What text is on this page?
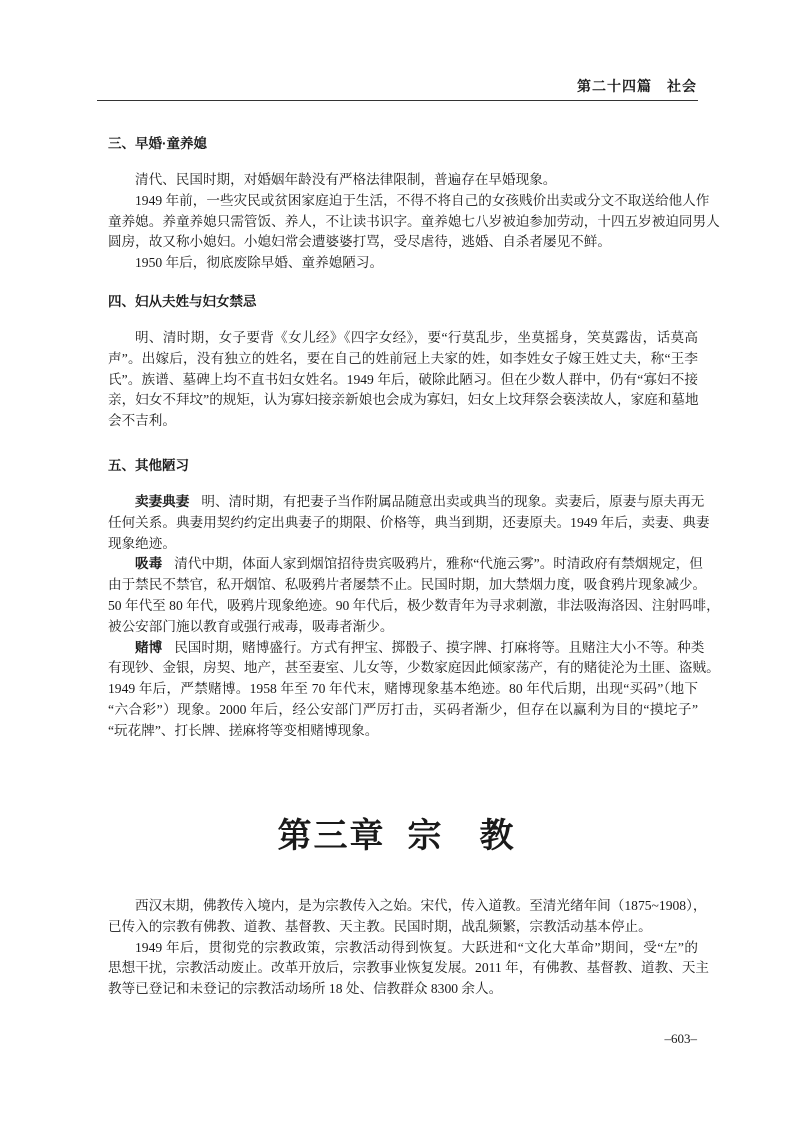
第二十四篇　社会
三、早婚·童养媳
清代、民国时期，对婚姻年龄没有严格法律限制，普遍存在早婚现象。
1949 年前，一些灾民或贫困家庭迫于生活，不得不将自己的女孩贱价出卖或分文不取送给他人作
童养媳。养童养媳只需管饭、养人，不让读书识字。童养媳七八岁被迫参加劳动，十四五岁被迫同男人
圆房，故又称小媳妇。小媳妇常会遭婆婆打骂，受尽虐待，逃婚、自杀者屡见不鲜。
1950 年后，彻底废除早婚、童养媳陋习。
四、妇从夫姓与妇女禁忌
明、清时期，女子要背《女儿经》《四字女经》，要“行莫乱步，坐莫摇身，笑莫露齿，话莫高
声”。出嫁后，没有独立的姓名，要在自己的姓前冠上夫家的姓，如李姓女子嫁王姓丈夫，称“王李
氏”。族谱、墓碑上均不直书妇女姓名。1949 年后，破除此陋习。但在少数人群中，仍有“寡妇不接
亲，妇女不拜坟”的规矩，认为寡妇接亲新娘也会成为寡妇，妇女上坟拜祭会亵渎故人，家庭和墓地
会不吉利。
五、其他陋习
卖妻典妻 明、清时期，有把妻子当作附属品随意出卖或典当的现象。卖妻后，原妻与原夫再无
任何关系。典妻用契约约定出典妻子的期限、价格等，典当到期，还妻原夫。1949 年后，卖妻、典妻
现象绝迹。
吸毒 清代中期，体面人家到烟馆招待贵宾吸鸦片，雅称“代施云雾”。时清政府有禁烟规定，但
由于禁民不禁官，私开烟馆、私吸鸦片者屡禁不止。民国时期，加大禁烟力度，吸食鸦片现象减少。
50 年代至 80 年代，吸鸦片现象绝迹。90 年代后，极少数青年为寻求刺激，非法吸海洛因、注射吗啡，
被公安部门施以教育或强行戒毒，吸毒者渐少。
赌博 民国时期，赌博盛行。方式有押宝、掷骰子、摸字牌、打麻将等。且赌注大小不等。种类
有现钞、金银，房契、地产，甚至妻室、儿女等，少数家庭因此倾家荡产，有的赌徒沦为土匪、盗贼。
1949 年后，严禁赌博。1958 年至 70 年代末，赌博现象基本绝迹。80 年代后期，出现“买码”（地下
“六合彩”）现象。2000 年后，经公安部门严厉打击，买码者渐少，但存在以赢利为目的“摸坨子”
“玩花牌”、打长牌、搓麻将等变相赌博现象。
第三章 宗　教
西汉末期，佛教传入境内，是为宗教传入之始。宋代，传入道教。至清光绪年间（1875~1908），
已传入的宗教有佛教、道教、基督教、天主教。民国时期，战乱频繁，宗教活动基本停止。
1949 年后，贯彻党的宗教政策，宗教活动得到恢复。大跃进和“文化大革命”期间，受“左”的
思想干扰，宗教活动废止。改革开放后，宗教事业恢复发展。2011 年，有佛教、基督教、道教、天主
教等已登记和未登记的宗教活动场所 18 处、信教群众 8300 余人。
–603–
